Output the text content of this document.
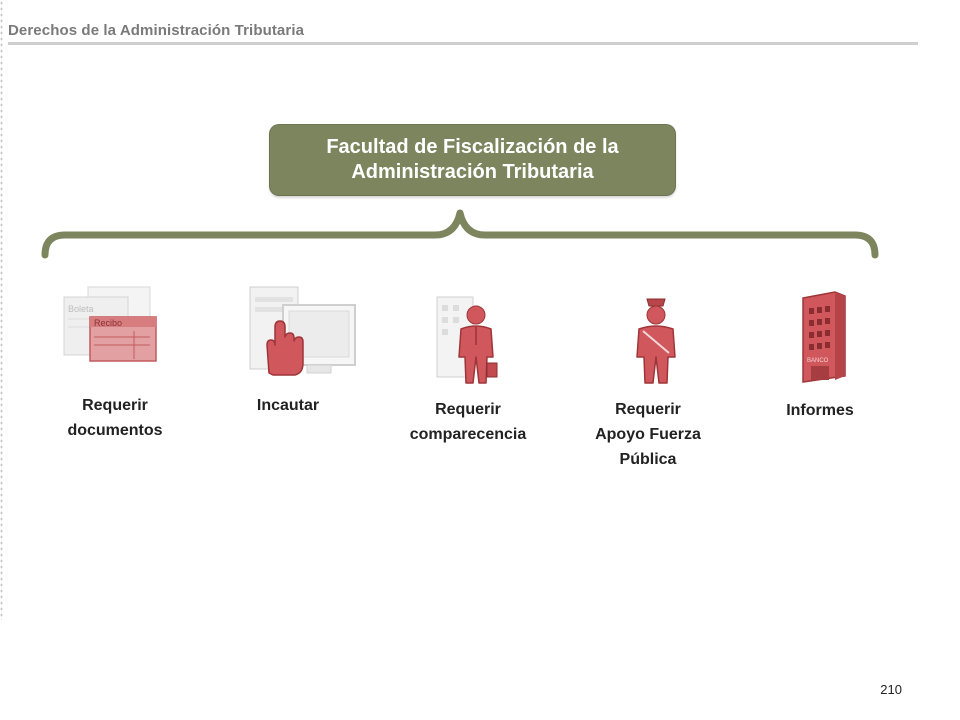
Derechos de la Administración Tributaria
Facultad de Fiscalización de la
Administración Tributaria
Boleta
Recibo
Requerir
documentos
Incautar	Requerir
comparecencia
Requerir
Apoyo Fuerza
Pública
BANCO
Informes
210
